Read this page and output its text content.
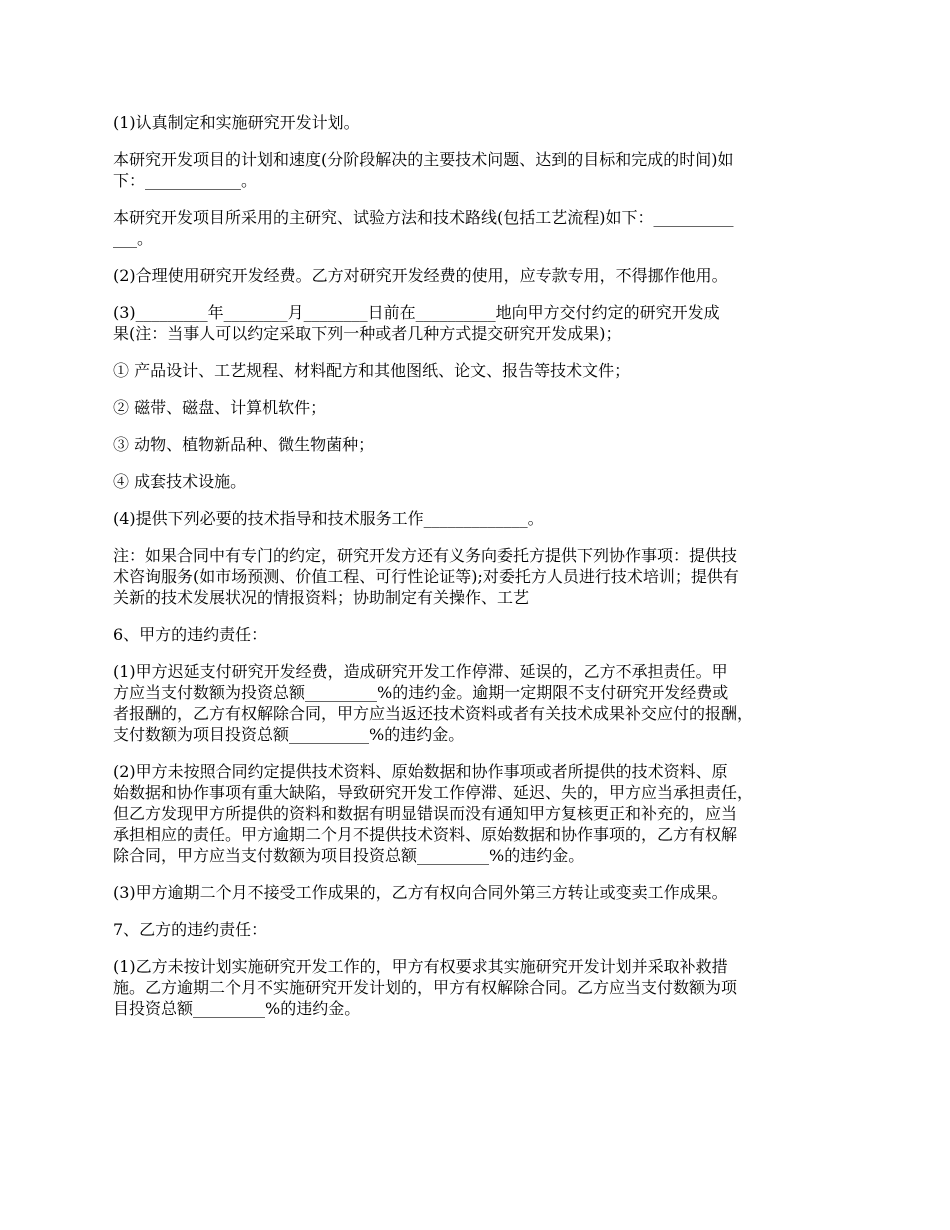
(1)认真制定和实施研究开发计划。

本研究开发项目的计划和速度(分阶段解决的主要技术问题、达到的目标和完成的时间)如
下：____________。

本研究开发项目所采用的主研究、试验方法和技术路线(包括工艺流程)如下：__________
___。

(2)合理使用研究开发经费。乙方对研究开发经费的使用，应专款专用，不得挪作他用。

(3)_________年________月________日前在__________地向甲方交付约定的研究开发成
果(注：当事人可以约定采取下列一种或者几种方式提交研究开发成果)；

① 产品设计、工艺规程、材料配方和其他图纸、论文、报告等技术文件；

② 磁带、磁盘、计算机软件；

③ 动物、植物新品种、微生物菌种；

④ 成套技术设施。

(4)提供下列必要的技术指导和技术服务工作_____________。

注：如果合同中有专门的约定，研究开发方还有义务向委托方提供下列协作事项：提供技
术咨询服务(如市场预测、价值工程、可行性论证等);对委托方人员进行技术培训；提供有
关新的技术发展状况的情报资料；协助制定有关操作、工艺

6、甲方的违约责任：

(1)甲方迟延支付研究开发经费，造成研究开发工作停滞、延误的，乙方不承担责任。甲
方应当支付数额为投资总额_________%的违约金。逾期一定期限不支付研究开发经费或
者报酬的，乙方有权解除合同，甲方应当返还技术资料或者有关技术成果补交应付的报酬，
支付数额为项目投资总额__________%的违约金。

(2)甲方未按照合同约定提供技术资料、原始数据和协作事项或者所提供的技术资料、原
始数据和协作事项有重大缺陷，导致研究开发工作停滞、延迟、失的，甲方应当承担责任，
但乙方发现甲方所提供的资料和数据有明显错误而没有通知甲方复核更正和补充的，应当
承担相应的责任。甲方逾期二个月不提供技术资料、原始数据和协作事项的，乙方有权解
除合同，甲方应当支付数额为项目投资总额_________%的违约金。

(3)甲方逾期二个月不接受工作成果的，乙方有权向合同外第三方转让或变卖工作成果。

7、乙方的违约责任：

(1)乙方未按计划实施研究开发工作的，甲方有权要求其实施研究开发计划并采取补救措
施。乙方逾期二个月不实施研究开发计划的，甲方有权解除合同。乙方应当支付数额为项
目投资总额_________%的违约金。
